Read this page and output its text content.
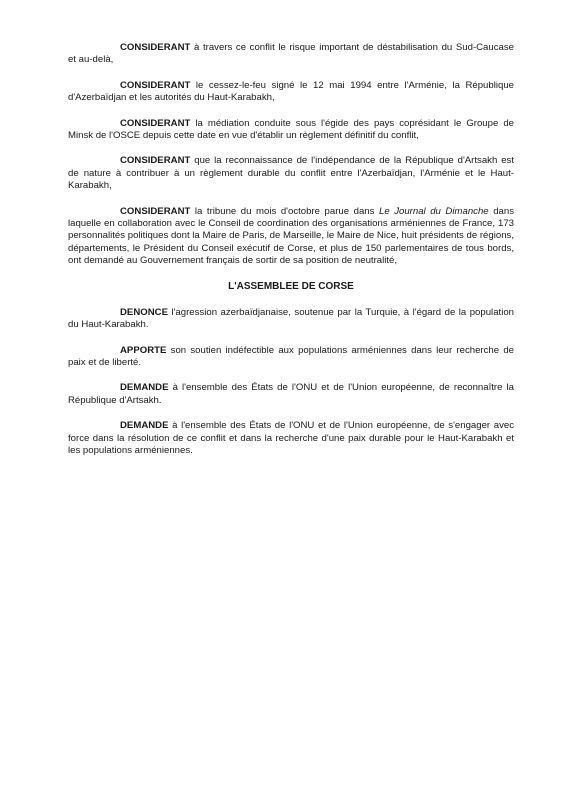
CONSIDERANT à travers ce conflit le risque important de déstabilisation du Sud-Caucase et au-delà,

CONSIDERANT le cessez-le-feu signé le 12 mai 1994 entre l'Arménie, la République d'Azerbaïdjan et les autorités du Haut-Karabakh,

CONSIDERANT la médiation conduite sous l'égide des pays coprésidant le Groupe de Minsk de l'OSCE depuis cette date en vue d'établir un règlement définitif du conflit,

CONSIDERANT que la reconnaissance de l'indépendance de la République d'Artsakh est de nature à contribuer à un règlement durable du conflit entre l'Azerbaïdjan, l'Arménie et le Haut-Karabakh,

CONSIDERANT la tribune du mois d'octobre parue dans Le Journal du Dimanche dans laquelle en collaboration avec le Conseil de coordination des organisations arméniennes de France, 173 personnalités politiques dont la Maire de Paris, de Marseille, le Maire de Nice, huit présidents de régions, départements, le Président du Conseil exécutif de Corse, et plus de 150 parlementaires de tous bords, ont demandé au Gouvernement français de sortir de sa position de neutralité,

L'ASSEMBLEE DE CORSE

DENONCE l'agression azerbaïdjanaise, soutenue par la Turquie, à l'égard de la population du Haut-Karabakh.

APPORTE son soutien indéfectible aux populations arméniennes dans leur recherche de paix et de liberté.

DEMANDE à l'ensemble des États de l'ONU et de l'Union européenne, de reconnaître la République d'Artsakh.

DEMANDE à l'ensemble des États de l'ONU et de l'Union européenne, de s'engager avec force dans la résolution de ce conflit et dans la recherche d'une paix durable pour le Haut-Karabakh et les populations arméniennes.
